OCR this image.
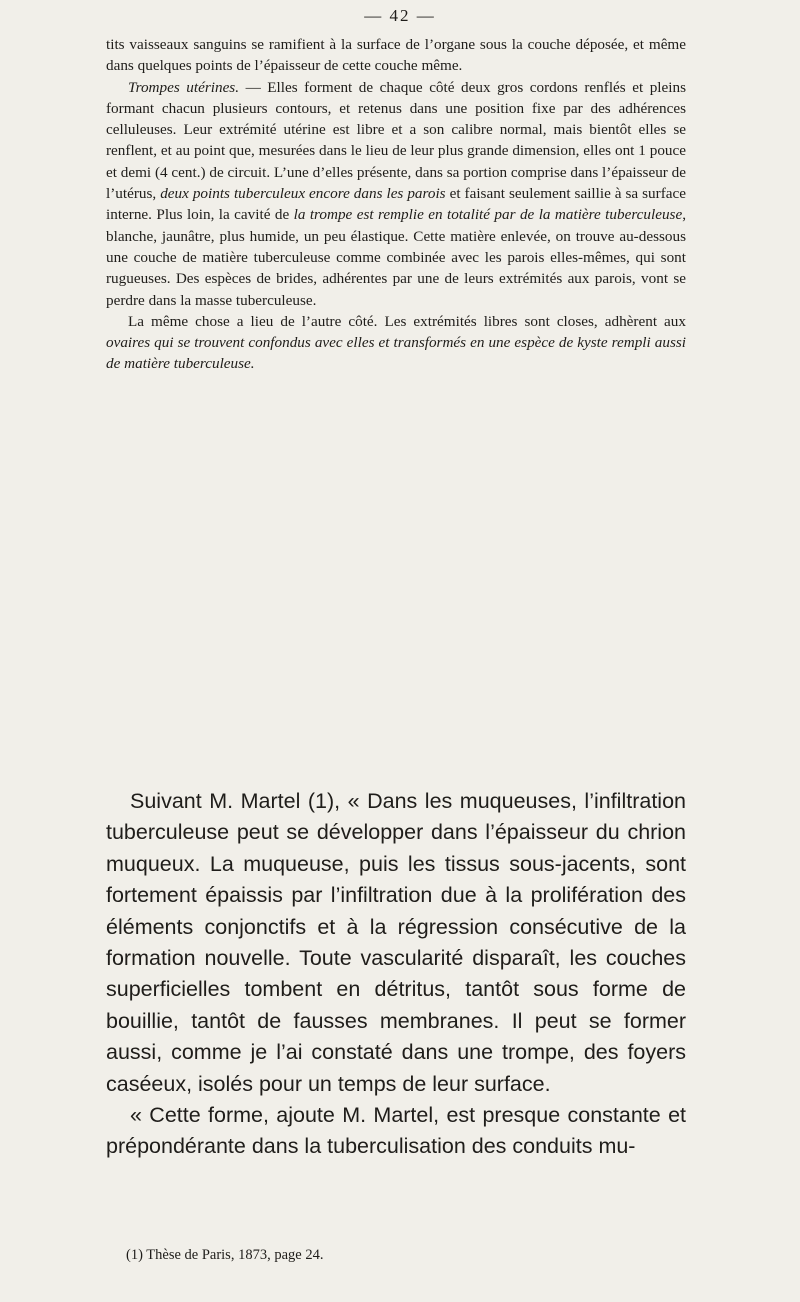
— 42 —

tits vaisseaux sanguins se ramifient à la surface de l’organe sous la couche déposée, et même dans quelques points de l’épaisseur de cette couche même.

Trompes utérines. — Elles forment de chaque côté deux gros cordons renflés et pleins formant chacun plusieurs contours, et retenus dans une position fixe par des adhérences celluleuses. Leur extrémité utérine est libre et a son calibre normal, mais bientôt elles se renflent, et au point que, mesurées dans le lieu de leur plus grande dimension, elles ont 1 pouce et demi (4 cent.) de circuit. L’une d’elles présente, dans sa portion comprise dans l’épaisseur de l’utérus, deux points tuberculeux encore dans les parois et faisant seulement saillie à sa surface interne. Plus loin, la cavité de la trompe est remplie en totalité par de la matière tuberculeuse, blanche, jaunâtre, plus humide, un peu élastique. Cette matière enlevée, on trouve au-dessous une couche de matière tuberculeuse comme combinée avec les parois elles-mêmes, qui sont rugueuses. Des espèces de brides, adhérentes par une de leurs extrémités aux parois, vont se perdre dans la masse tuberculeuse.

La même chose a lieu de l’autre côté. Les extrémités libres sont closes, adhèrent aux ovaires qui se trouvent confondus avec elles et transformés en une espèce de kyste rempli aussi de matière tuberculeuse.

Suivant M. Martel (1), « Dans les muqueuses, l’infiltration tuberculeuse peut se développer dans l’épaisseur du chrion muqueux. La muqueuse, puis les tissus sous-jacents, sont fortement épaissis par l’infiltration due à la prolifération des éléments conjonctifs et à la régression consécutive de la formation nouvelle. Toute vascularité disparaît, les couches superficielles tombent en détritus, tantôt sous forme de bouillie, tantôt de fausses membranes. Il peut se former aussi, comme je l’ai constaté dans une trompe, des foyers caséeux, isolés pour un temps de leur surface.

« Cette forme, ajoute M. Martel, est presque constante et prépondérante dans la tuberculisation des conduits mu-

(1) Thèse de Paris, 1873, page 24.
